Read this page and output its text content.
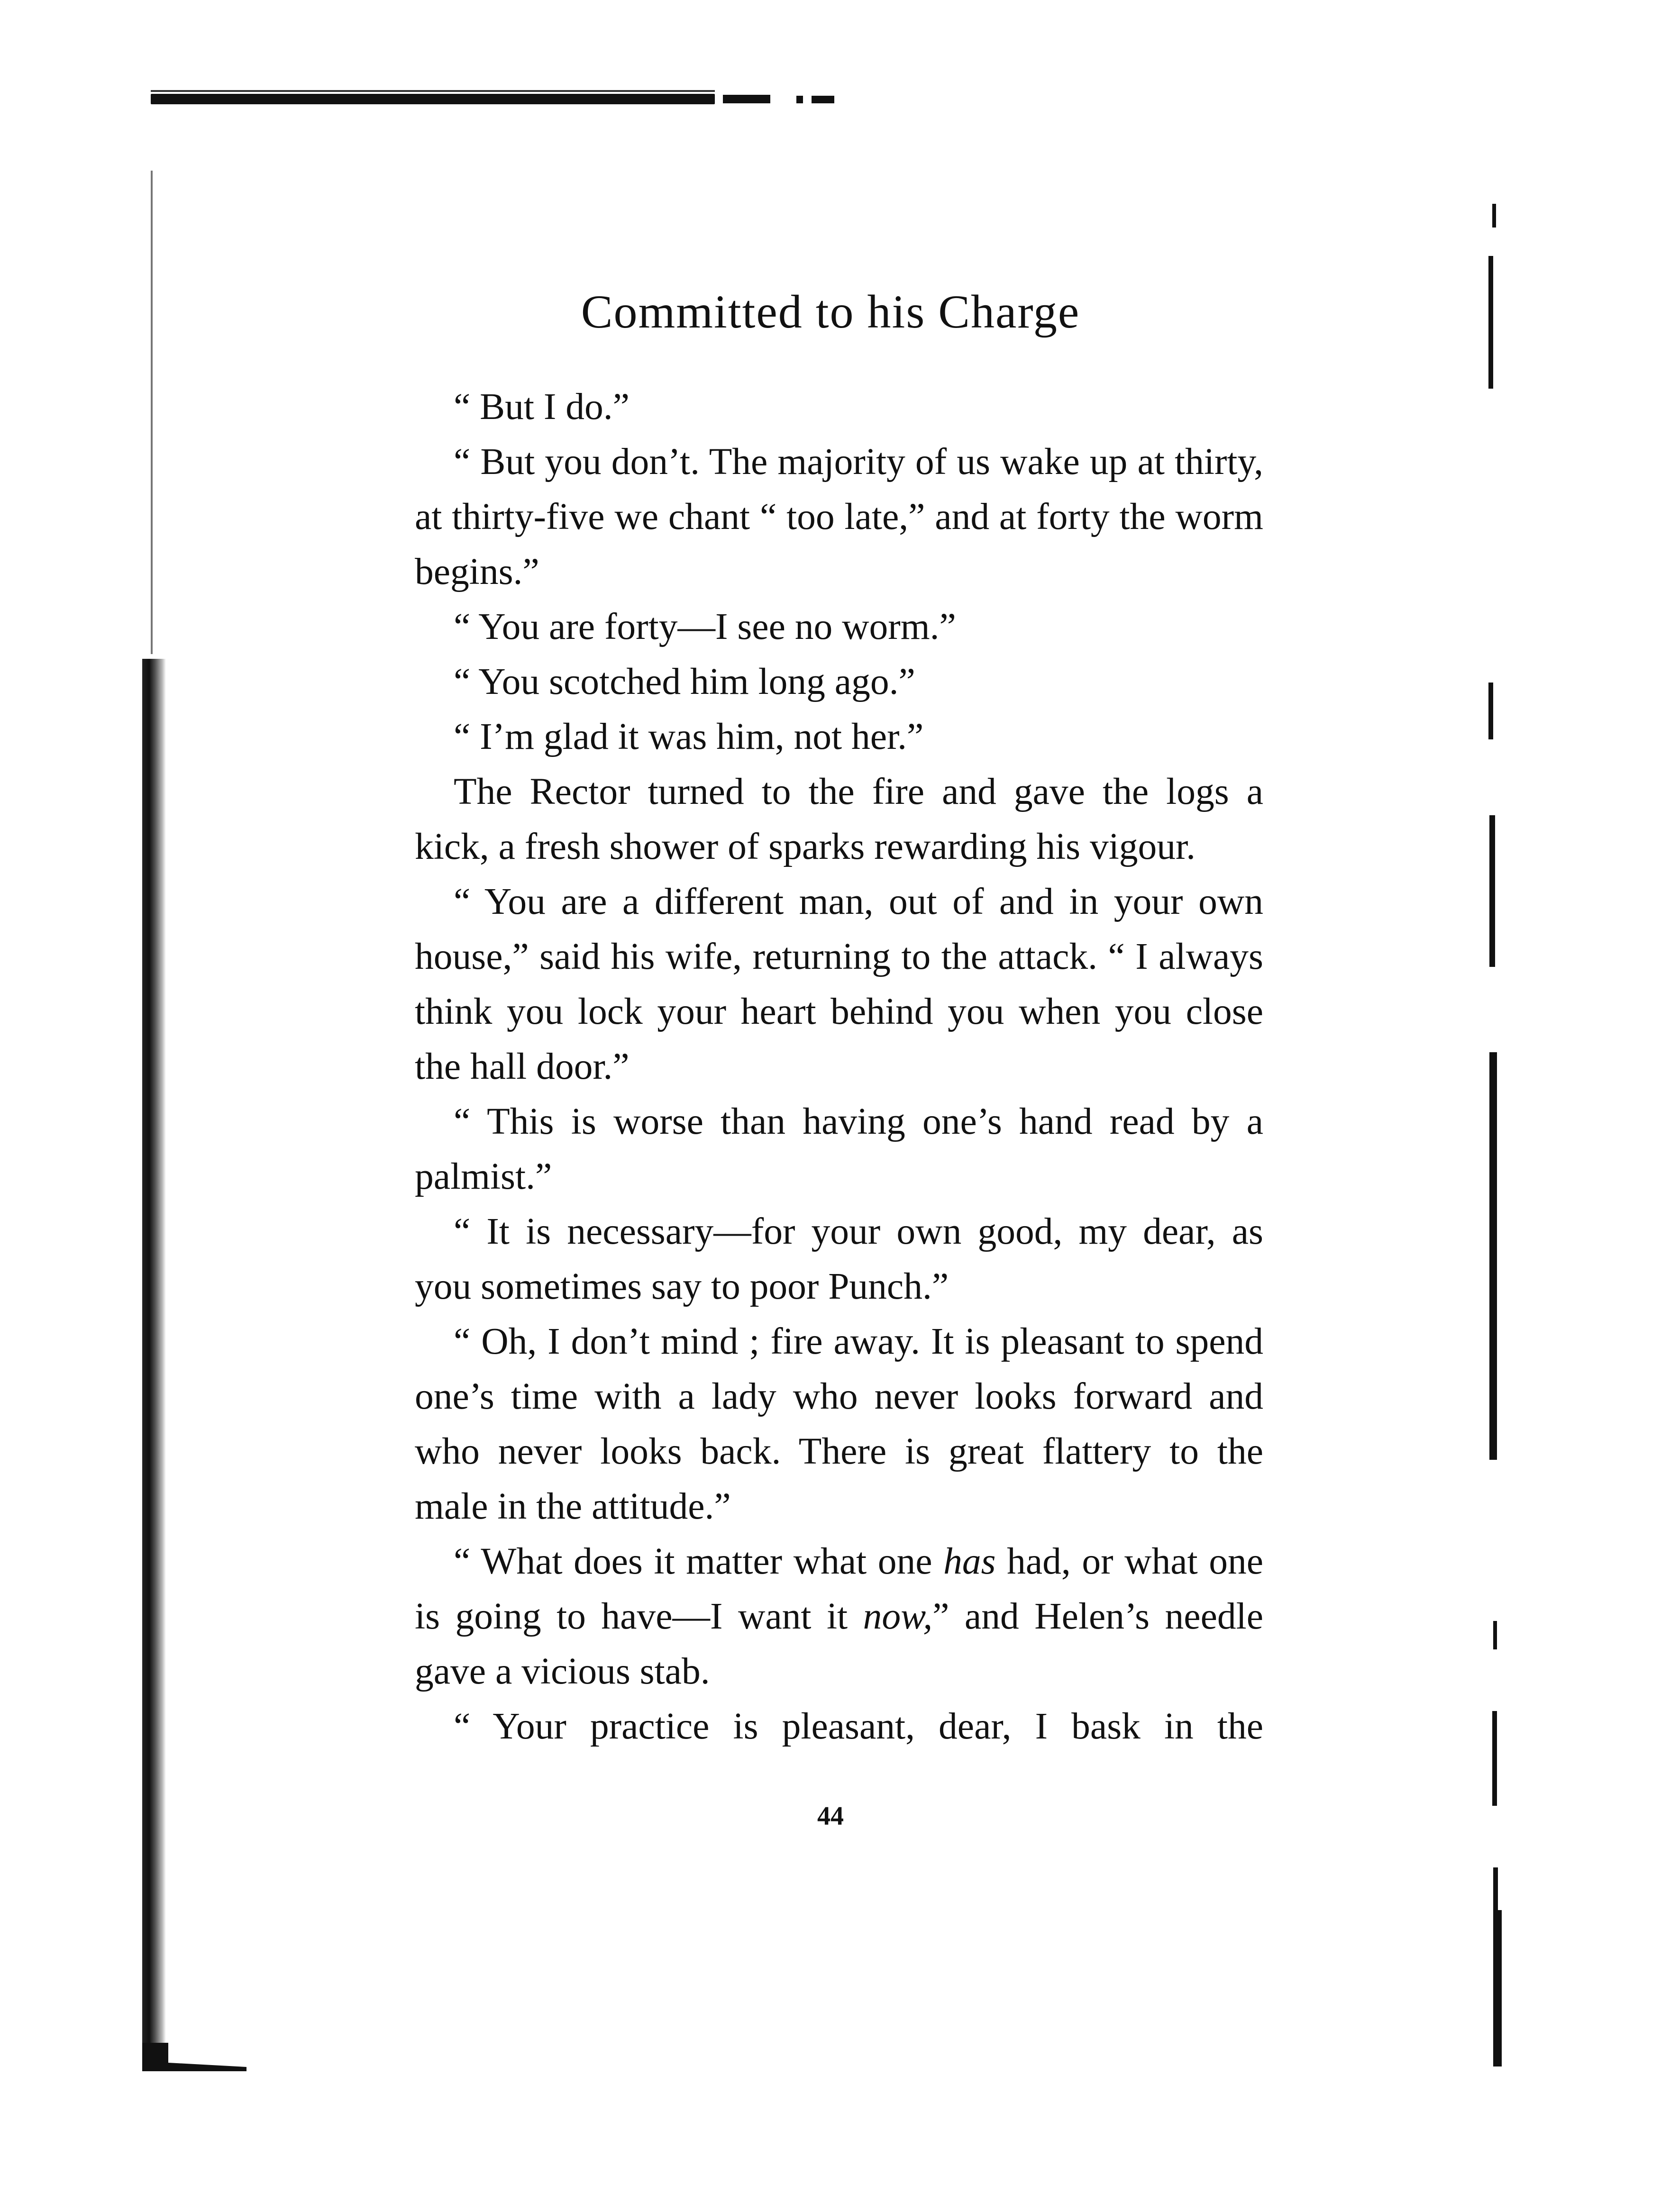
Committed to his Charge

“ But I do.”

“ But you don’t. The majority of us wake up at thirty, at thirty-five we chant “ too late,” and at forty the worm begins.”

“ You are forty—I see no worm.”

“ You scotched him long ago.”

“ I’m glad it was him, not her.”

The Rector turned to the fire and gave the logs a kick, a fresh shower of sparks rewarding his vigour.

“ You are a different man, out of and in your own house,” said his wife, returning to the attack. “ I always think you lock your heart behind you when you close the hall door.”

“ This is worse than having one’s hand read by a palmist.”

“ It is necessary—for your own good, my dear, as you sometimes say to poor Punch.”

“ Oh, I don’t mind ; fire away. It is pleasant to spend one’s time with a lady who never looks forward and who never looks back. There is great flattery to the male in the attitude.”

“ What does it matter what one has had, or what one is going to have—I want it now,” and Helen’s needle gave a vicious stab.

“ Your practice is pleasant, dear, I bask in the

44
